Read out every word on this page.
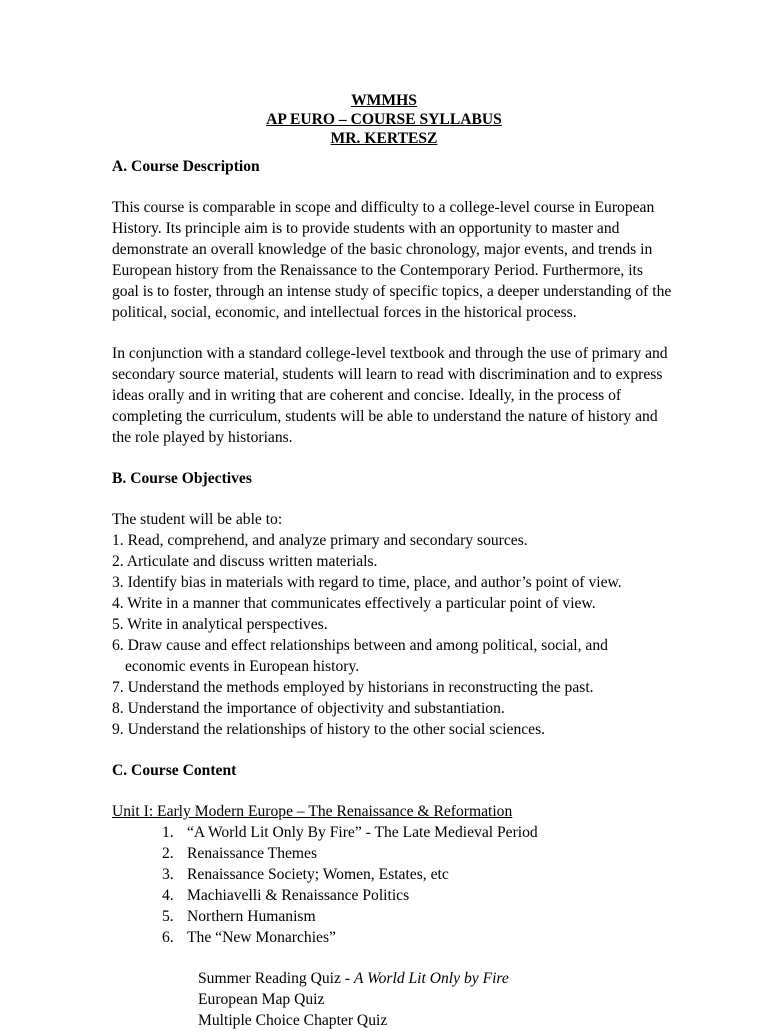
WMMHS
AP EURO – COURSE SYLLABUS
MR. KERTESZ
A. Course Description

This course is comparable in scope and difficulty to a college-level course in European History. Its principle aim is to provide students with an opportunity to master and demonstrate an overall knowledge of the basic chronology, major events, and trends in European history from the Renaissance to the Contemporary Period. Furthermore, its goal is to foster, through an intense study of specific topics, a deeper understanding of the political, social, economic, and intellectual forces in the historical process.

In conjunction with a standard college-level textbook and through the use of primary and secondary source material, students will learn to read with discrimination and to express ideas orally and in writing that are coherent and concise. Ideally, in the process of completing the curriculum, students will be able to understand the nature of history and the role played by historians.

B. Course Objectives

The student will be able to:

1. Read, comprehend, and analyze primary and secondary sources.
2. Articulate and discuss written materials.
3. Identify bias in materials with regard to time, place, and author’s point of view.
4. Write in a manner that communicates effectively a particular point of view.
5. Write in analytical perspectives.
6. Draw cause and effect relationships between and among political, social, and economic events in European history.
7. Understand the methods employed by historians in reconstructing the past.
8. Understand the importance of objectivity and substantiation.
9. Understand the relationships of history to the other social sciences.
C. Course Content
Unit I: Early Modern Europe – The Renaissance & Reformation
1. “A World Lit Only By Fire” - The Late Medieval Period
2. Renaissance Themes
3. Renaissance Society; Women, Estates, etc
4. Machiavelli & Renaissance Politics
5. Northern Humanism
6. The “New Monarchies”
Summer Reading Quiz - A World Lit Only by Fire
European Map Quiz
Multiple Choice Chapter Quiz
